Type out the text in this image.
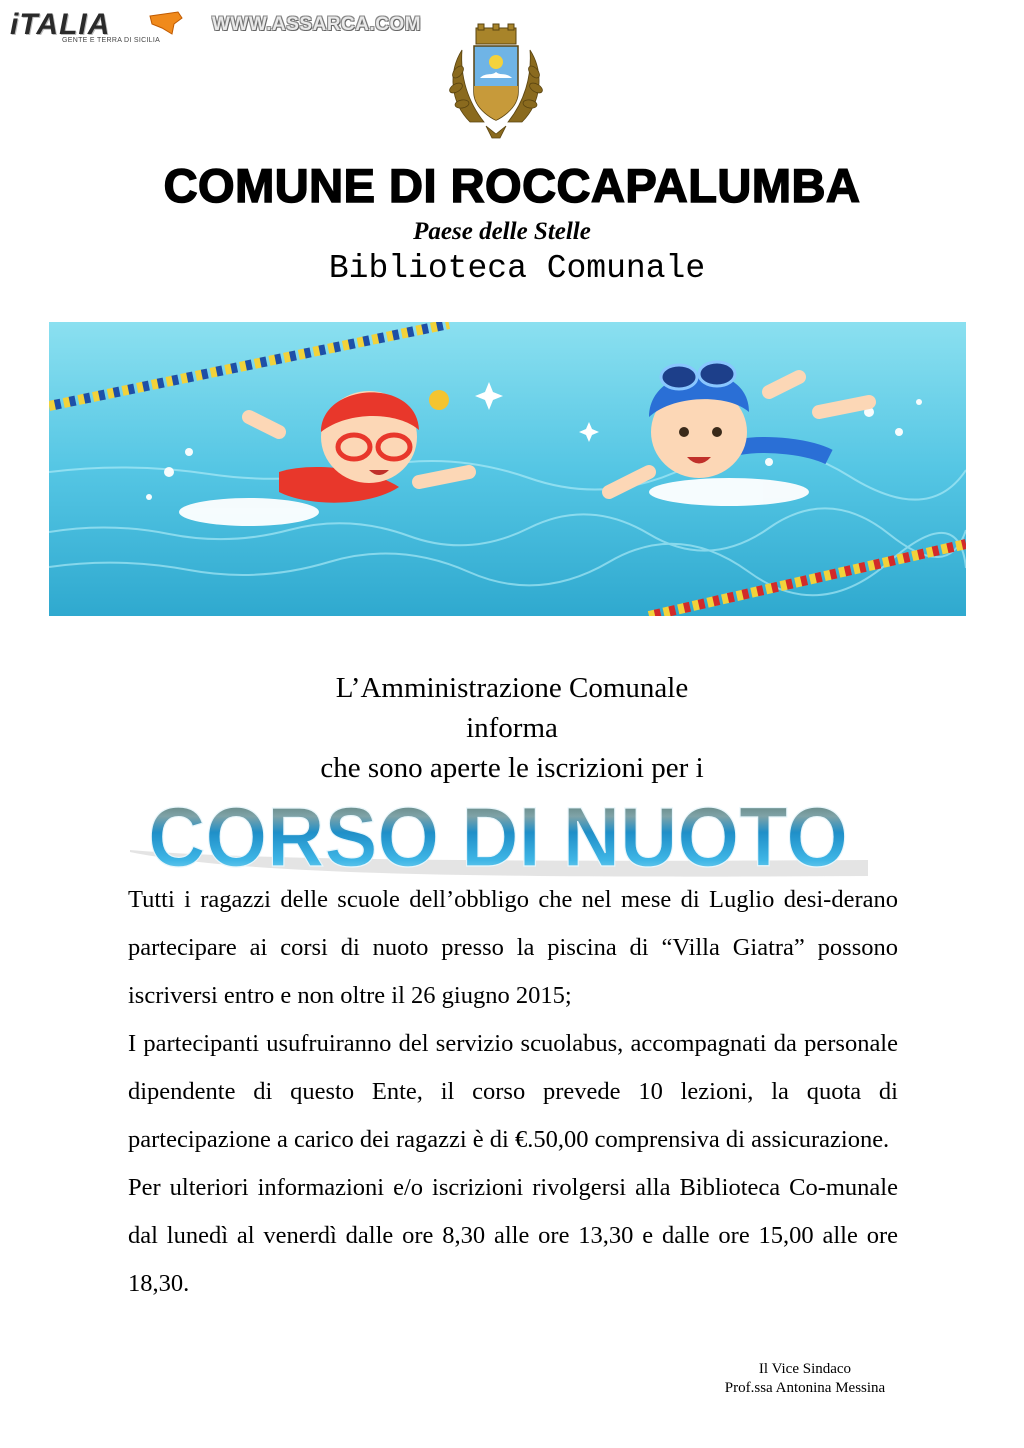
iTALIA
GENTE E TERRA DI SICILIA
WWW.ASSARCA.COM
COMUNE DI ROCCAPALUMBA
Paese delle Stelle
Biblioteca Comunale
L’Amministrazione Comunale
informa
che sono aperte le iscrizioni per i
CORSO DI NUOTO

Tutti i ragazzi delle scuole dell’obbligo che nel mese di Luglio desi-derano partecipare ai corsi di nuoto presso la piscina di “Villa Giatra” possono iscriversi entro e non oltre il 26 giugno 2015;

I partecipanti usufruiranno del servizio scuolabus, accompagnati da personale dipendente di questo Ente, il corso prevede 10 lezioni, la quota di partecipazione a carico dei ragazzi è di €.50,00 comprensiva di assicurazione.

Per ulteriori informazioni e/o iscrizioni rivolgersi alla Biblioteca Co-munale dal lunedì al venerdì dalle ore 8,30 alle ore 13,30 e dalle ore 15,00 alle ore 18,30.

Il Vice Sindaco
Prof.ssa Antonina Messina
